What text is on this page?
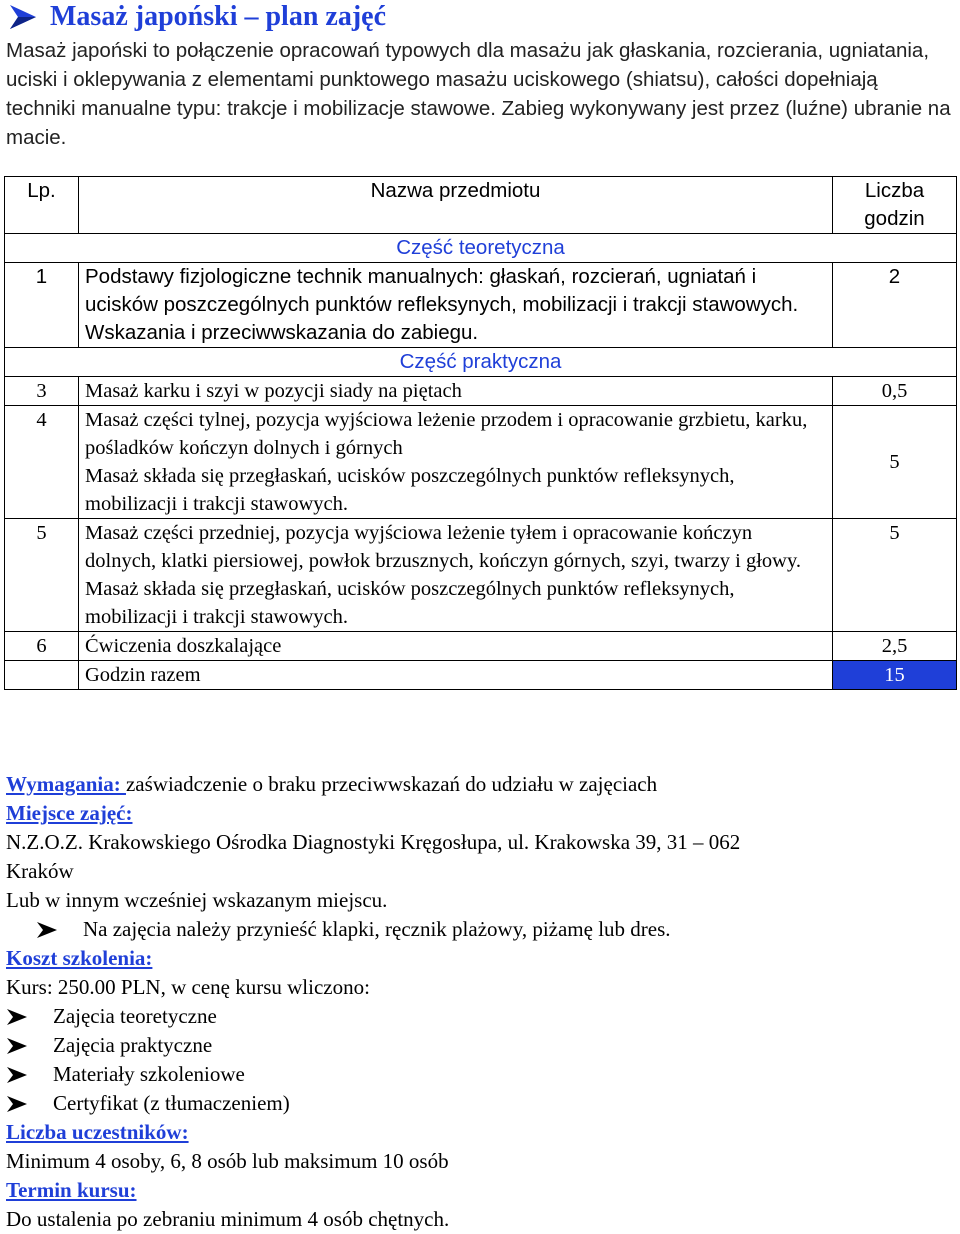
Masaż japoński – plan zajęć
Masaż japoński to połączenie opracowań typowych dla masażu jak głaskania, rozcierania, ugniatania, uciski i oklepywania z elementami punktowego masażu uciskowego (shiatsu), całości dopełniają techniki manualne typu: trakcje i mobilizacje stawowe. Zabieg wykonywany jest przez (luźne) ubranie na macie.
Lp.	Nazwa przedmiotu	Liczba godzin
Część teoretyczna		
1	Podstawy fizjologiczne technik manualnych: głaskań, rozcierań, ugniatań i ucisków poszczególnych punktów refleksynych, mobilizacji i trakcji stawowych. Wskazania i przeciwwskazania do zabiegu.	2
Część praktyczna		
3	Masaż karku i szyi w pozycji siady na piętach	0,5
4	Masaż części tylnej, pozycja wyjściowa leżenie przodem i opracowanie grzbietu, karku, pośladków kończyn dolnych i górnych
Masaż składa się przegłaskań, ucisków poszczególnych punktów refleksynych, mobilizacji i trakcji stawowych.	5
5	Masaż części przedniej, pozycja wyjściowa leżenie tyłem i opracowanie kończyn dolnych, klatki piersiowej, powłok brzusznych, kończyn górnych, szyi, twarzy i głowy.
Masaż składa się przegłaskań, ucisków poszczególnych punktów refleksynych, mobilizacji i trakcji stawowych.	5
6	Ćwiczenia doszkalające	2,5
	Godzin razem	15
Wymagania: zaświadczenie o braku przeciwwskazań do udziału w zajęciach
Miejsce zajęć:
N.Z.O.Z. Krakowskiego Ośrodka Diagnostyki Kręgosłupa, ul. Krakowska 39, 31 – 062
Kraków
Lub w innym wcześniej wskazanym miejscu.
Na zajęcia należy przynieść klapki, ręcznik plażowy, piżamę lub dres.
Koszt szkolenia:
Kurs: 250.00 PLN, w cenę kursu wliczono:
Zajęcia teoretyczne
Zajęcia praktyczne
Materiały szkoleniowe
Certyfikat (z tłumaczeniem)
Liczba uczestników:
Minimum 4 osoby, 6, 8 osób lub maksimum 10 osób
Termin kursu:
Do ustalenia po zebraniu minimum 4 osób chętnych.
